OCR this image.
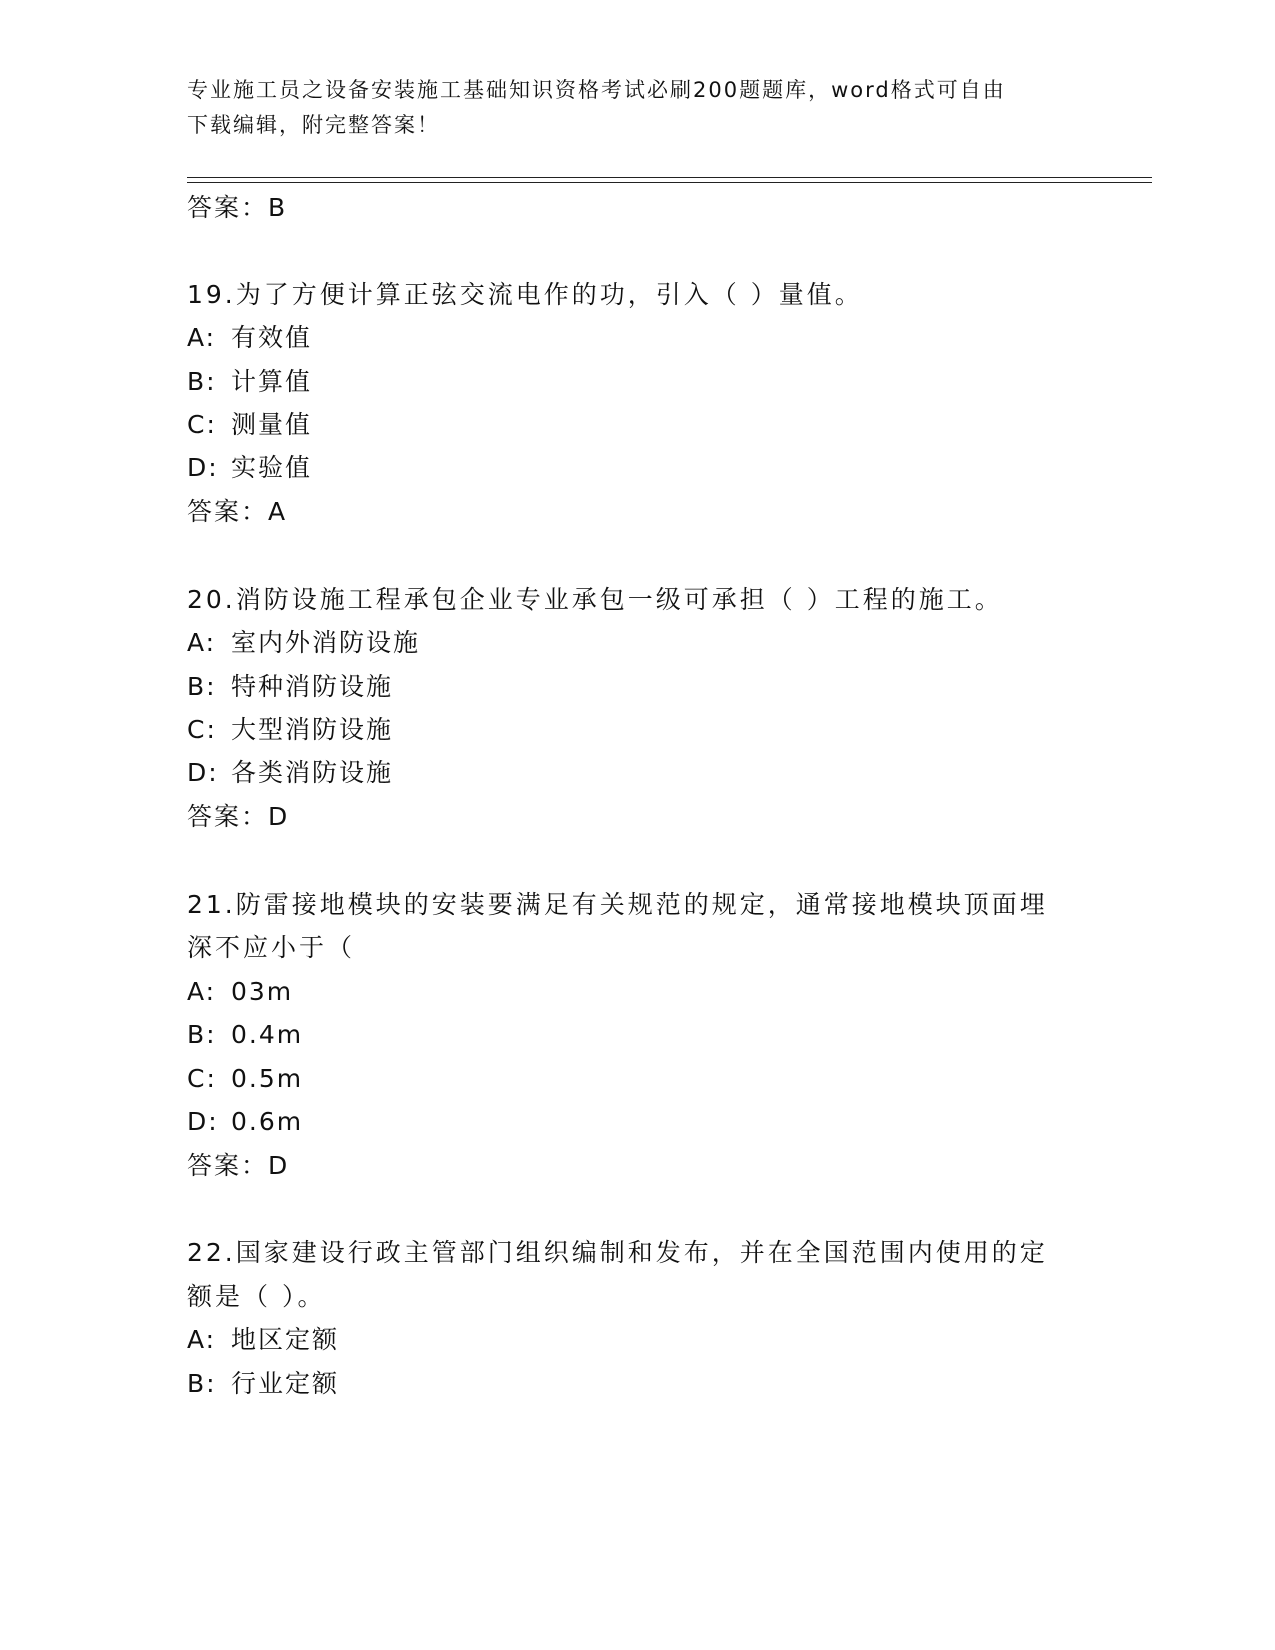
专业施工员之设备安装施工基础知识资格考试必刷200题题库，word格式可自由
下载编辑，附完整答案！
答案：B
19.为了方便计算正弦交流电作的功，引入（ ）量值。
A: 有效值
B: 计算值
C: 测量值
D: 实验值
答案：A
20.消防设施工程承包企业专业承包一级可承担（ ）工程的施工。
A: 室内外消防设施
B: 特种消防设施
C: 大型消防设施
D: 各类消防设施
答案：D
21.防雷接地模块的安装要满足有关规范的规定，通常接地模块顶面埋
深不应小于（
A: 03m
B: 0.4m
C: 0.5m
D: 0.6m
答案：D
22.国家建设行政主管部门组织编制和发布，并在全国范围内使用的定
额是（ ）。
A: 地区定额
B: 行业定额
